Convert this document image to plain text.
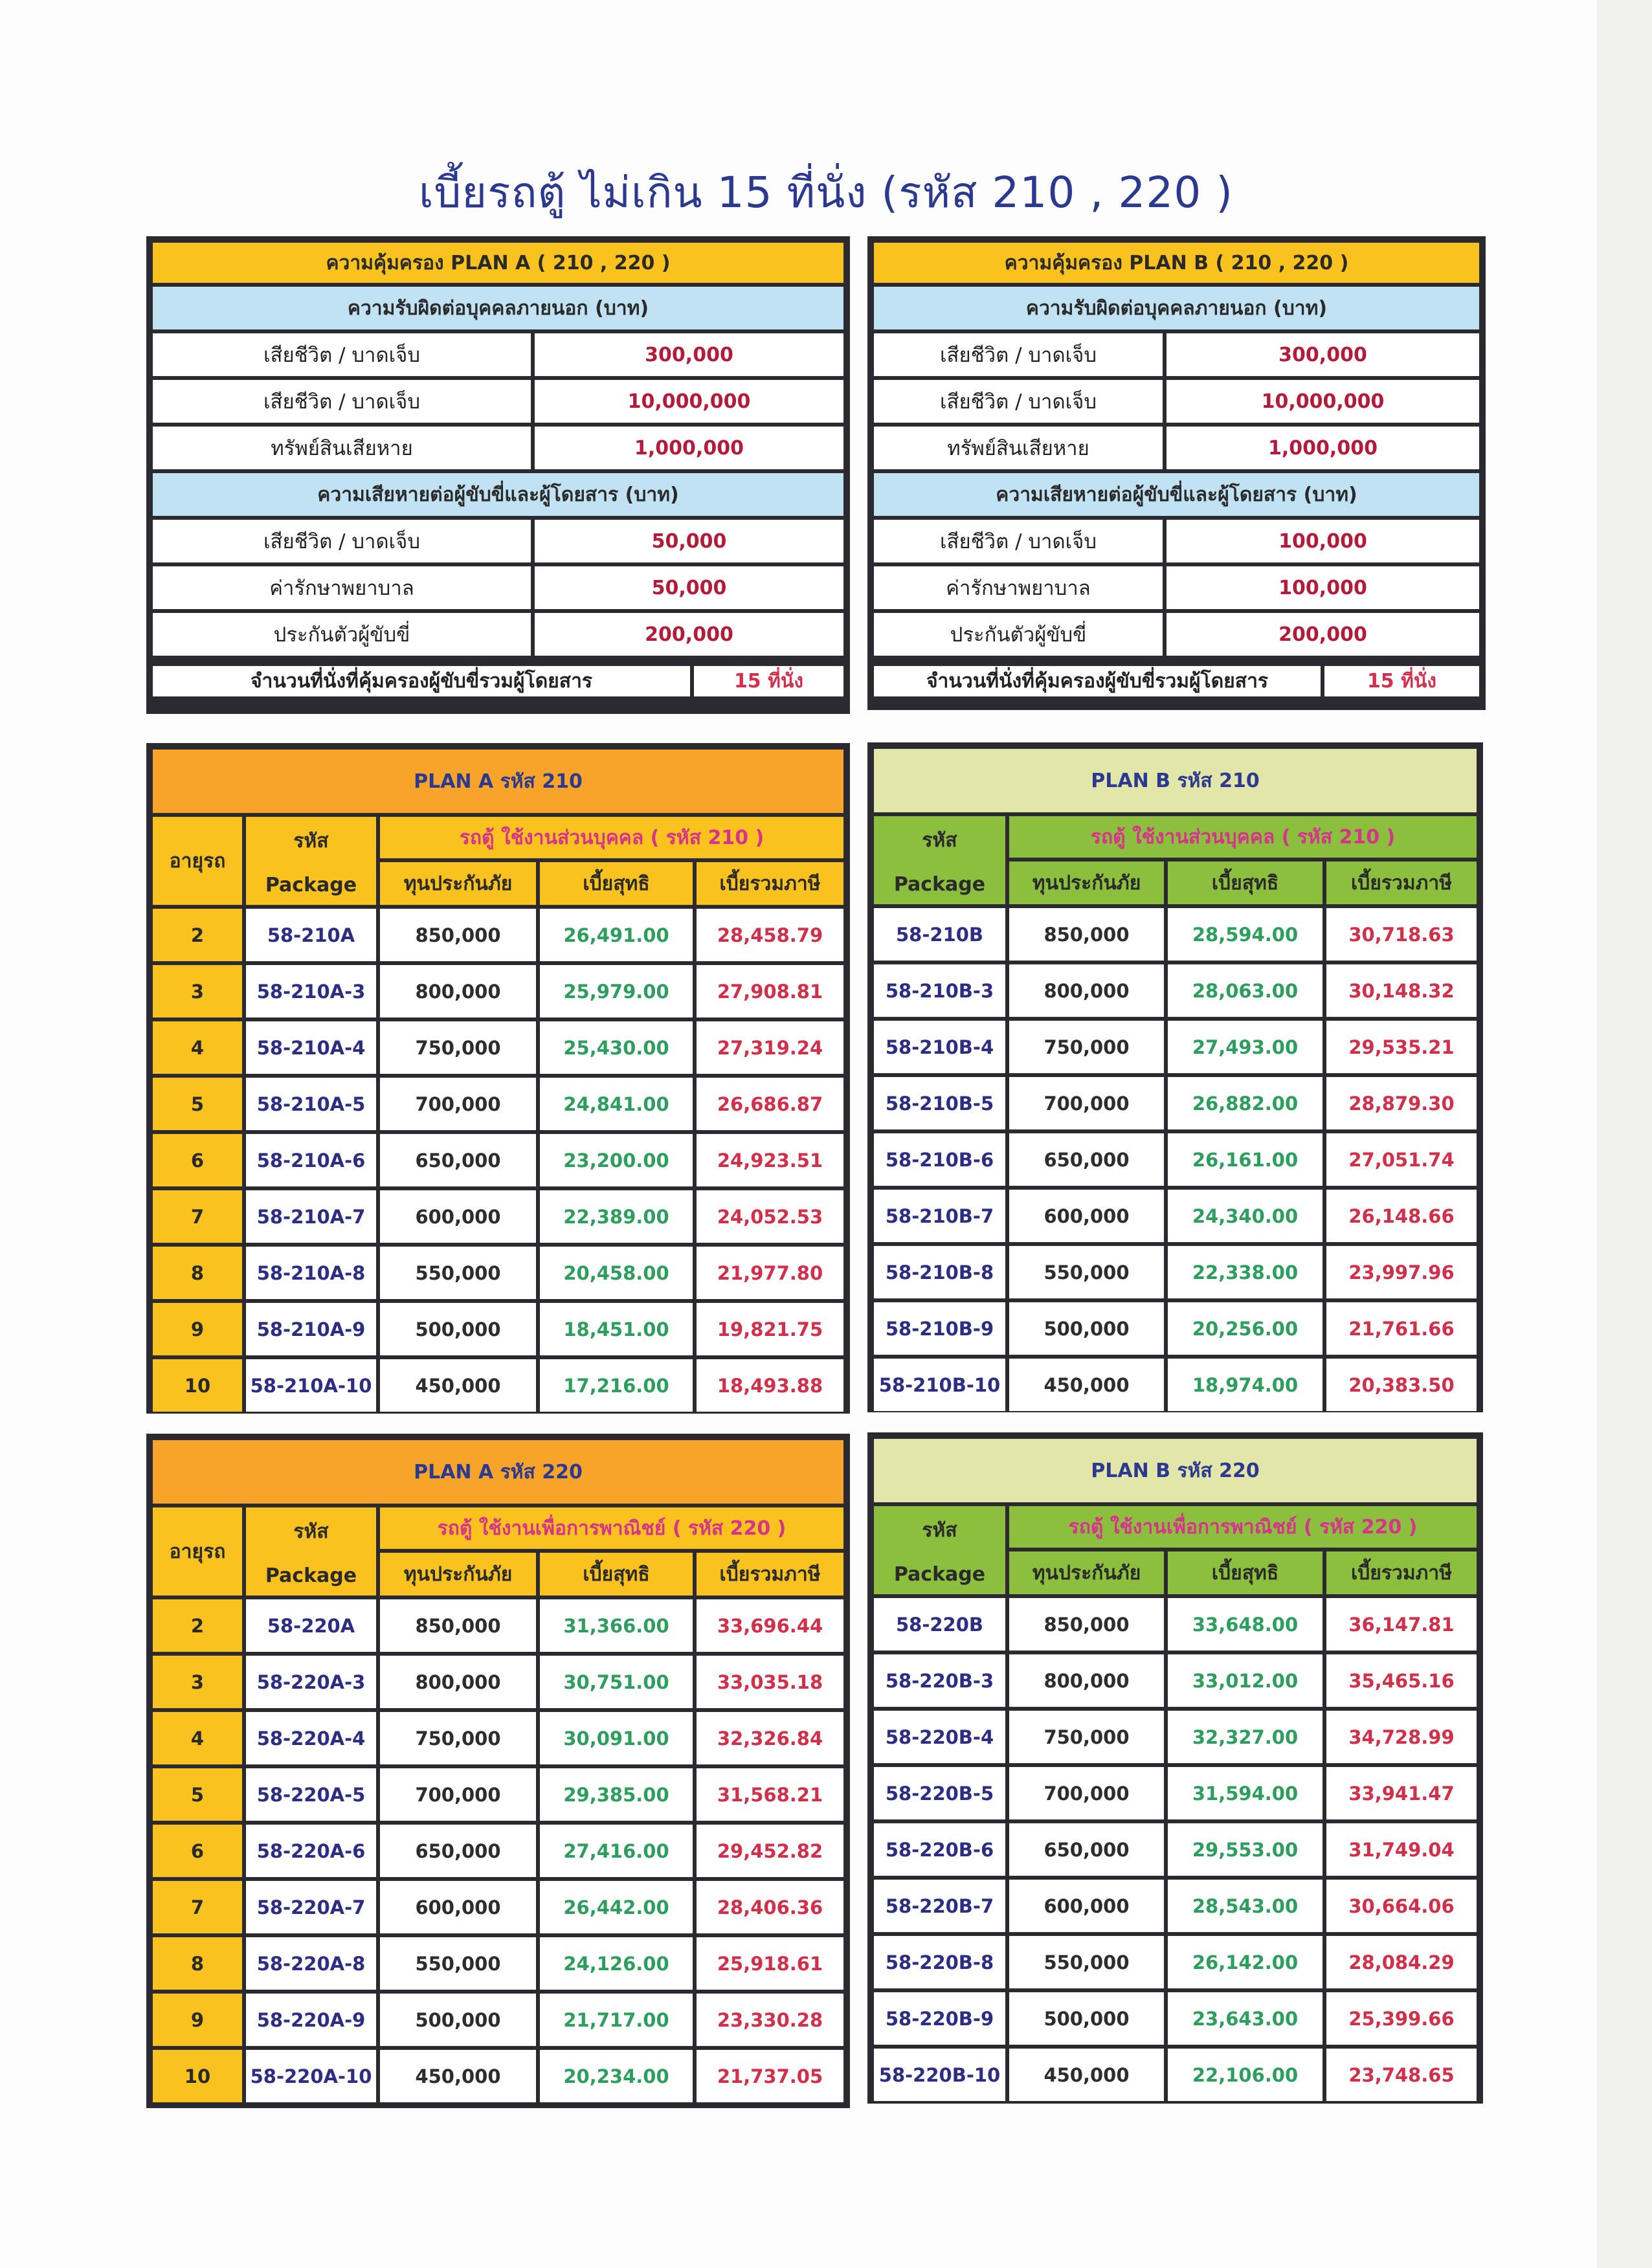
เบี้ยรถตู้ ไม่เกิน 15 ที่นั่ง (รหัส 210 , 220 )
ความคุ้มครอง PLAN A ( 210 , 220 )
ความรับผิดต่อบุคคลภายนอก (บาท)
เสียชีวิต / บาดเจ็บ	300,000
เสียชีวิต / บาดเจ็บ	10,000,000
ทรัพย์สินเสียหาย	1,000,000
ความเสียหายต่อผู้ขับขี่และผู้โดยสาร (บาท)
เสียชีวิต / บาดเจ็บ	50,000
ค่ารักษาพยาบาล	50,000
ประกันตัวผู้ขับขี่	200,000
จำนวนที่นั่งที่คุ้มครองผู้ขับขี่รวมผู้โดยสาร	15 ที่นั่ง
ความคุ้มครอง PLAN B ( 210 , 220 )
ความรับผิดต่อบุคคลภายนอก (บาท)
เสียชีวิต / บาดเจ็บ	300,000
เสียชีวิต / บาดเจ็บ	10,000,000
ทรัพย์สินเสียหาย	1,000,000
ความเสียหายต่อผู้ขับขี่และผู้โดยสาร (บาท)
เสียชีวิต / บาดเจ็บ	100,000
ค่ารักษาพยาบาล	100,000
ประกันตัวผู้ขับขี่	200,000
จำนวนที่นั่งที่คุ้มครองผู้ขับขี่รวมผู้โดยสาร	15 ที่นั่ง
PLAN A รหัส 210
อายุรถ
รหัส
Package
รถตู้ ใช้งานส่วนบุคคล ( รหัส 210 )
ทุนประกันภัย	เบี้ยสุทธิ	เบี้ยรวมภาษี
2	58-210A	850,000	26,491.00	28,458.79
3	58-210A-3	800,000	25,979.00	27,908.81
4	58-210A-4	750,000	25,430.00	27,319.24
5	58-210A-5	700,000	24,841.00	26,686.87
6	58-210A-6	650,000	23,200.00	24,923.51
7	58-210A-7	600,000	22,389.00	24,052.53
8	58-210A-8	550,000	20,458.00	21,977.80
9	58-210A-9	500,000	18,451.00	19,821.75
10	58-210A-10	450,000	17,216.00	18,493.88
PLAN B รหัส 210
รหัส
Package
รถตู้ ใช้งานส่วนบุคคล ( รหัส 210 )
ทุนประกันภัย	เบี้ยสุทธิ	เบี้ยรวมภาษี
58-210B	850,000	28,594.00	30,718.63
58-210B-3	800,000	28,063.00	30,148.32
58-210B-4	750,000	27,493.00	29,535.21
58-210B-5	700,000	26,882.00	28,879.30
58-210B-6	650,000	26,161.00	27,051.74
58-210B-7	600,000	24,340.00	26,148.66
58-210B-8	550,000	22,338.00	23,997.96
58-210B-9	500,000	20,256.00	21,761.66
58-210B-10	450,000	18,974.00	20,383.50
PLAN A รหัส 220
อายุรถ
รหัส
Package
รถตู้ ใช้งานเพื่อการพาณิชย์ ( รหัส 220 )
ทุนประกันภัย	เบี้ยสุทธิ	เบี้ยรวมภาษี
2	58-220A	850,000	31,366.00	33,696.44
3	58-220A-3	800,000	30,751.00	33,035.18
4	58-220A-4	750,000	30,091.00	32,326.84
5	58-220A-5	700,000	29,385.00	31,568.21
6	58-220A-6	650,000	27,416.00	29,452.82
7	58-220A-7	600,000	26,442.00	28,406.36
8	58-220A-8	550,000	24,126.00	25,918.61
9	58-220A-9	500,000	21,717.00	23,330.28
10	58-220A-10	450,000	20,234.00	21,737.05
PLAN B รหัส 220
รหัส
Package
รถตู้ ใช้งานเพื่อการพาณิชย์ ( รหัส 220 )
ทุนประกันภัย	เบี้ยสุทธิ	เบี้ยรวมภาษี
58-220B	850,000	33,648.00	36,147.81
58-220B-3	800,000	33,012.00	35,465.16
58-220B-4	750,000	32,327.00	34,728.99
58-220B-5	700,000	31,594.00	33,941.47
58-220B-6	650,000	29,553.00	31,749.04
58-220B-7	600,000	28,543.00	30,664.06
58-220B-8	550,000	26,142.00	28,084.29
58-220B-9	500,000	23,643.00	25,399.66
58-220B-10	450,000	22,106.00	23,748.65
